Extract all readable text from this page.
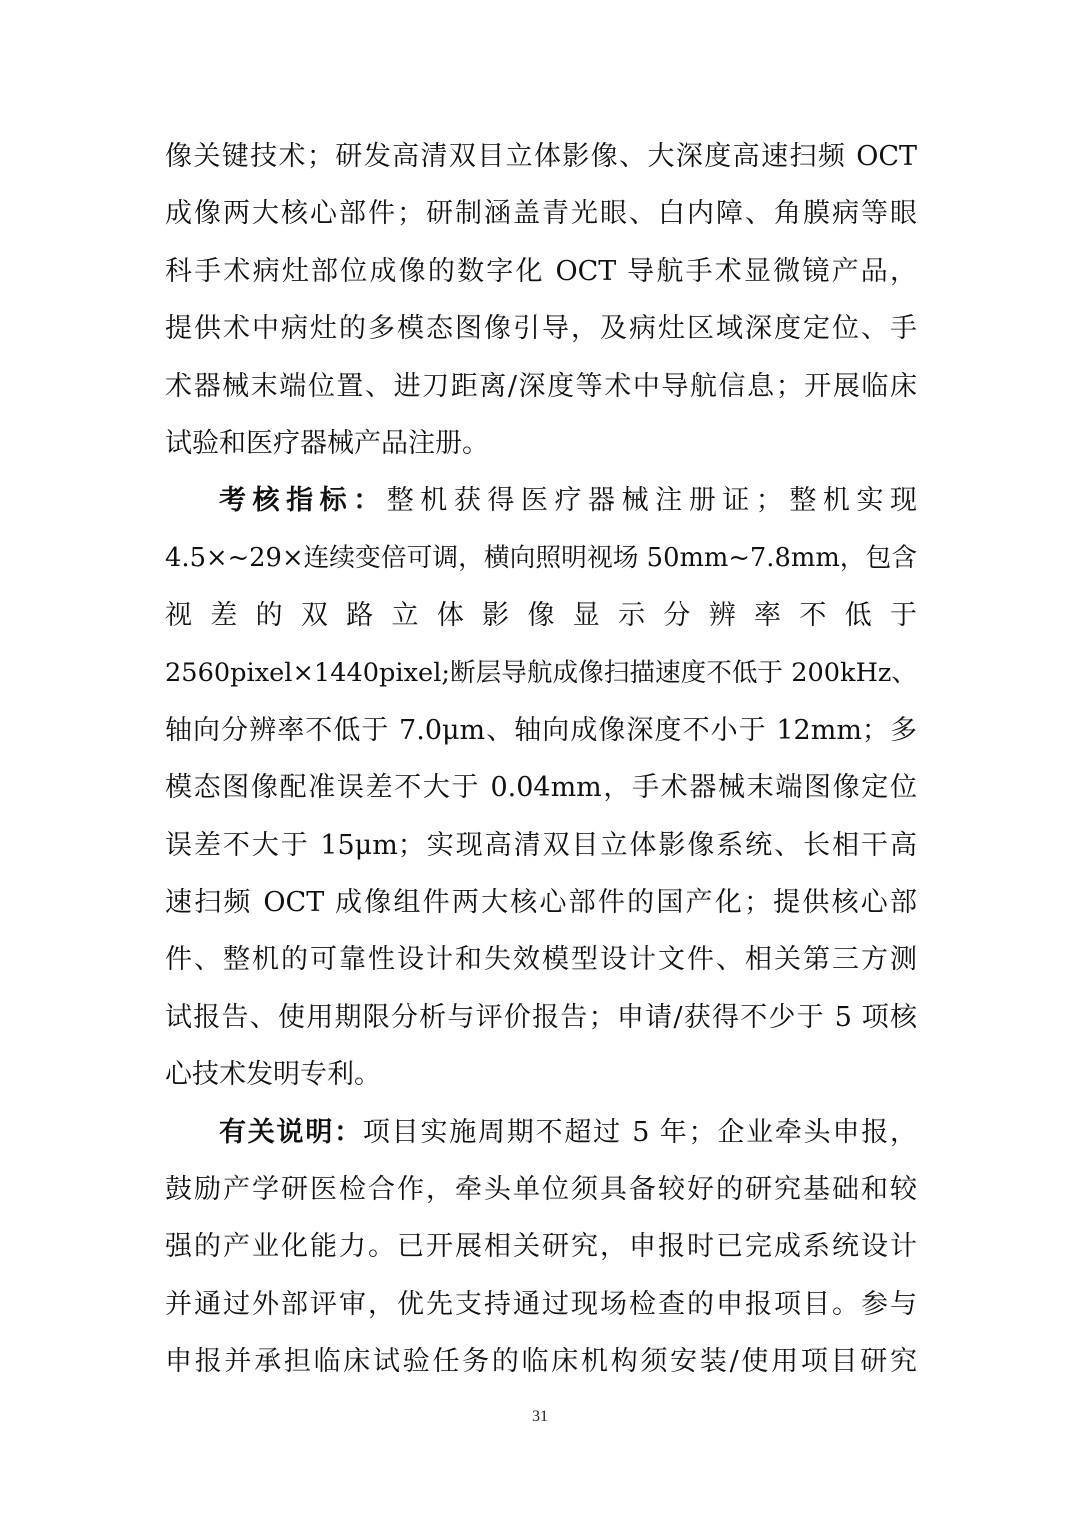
像关键技术；研发高清双目立体影像、大深度高速扫频 OCT
成像两大核心部件；研制涵盖青光眼、白内障、角膜病等眼
科手术病灶部位成像的数字化 OCT 导航手术显微镜产品，
提供术中病灶的多模态图像引导，及病灶区域深度定位、手
术器械末端位置、进刀距离/深度等术中导航信息；开展临床
试验和医疗器械产品注册。
考核指标：整机获得医疗器械注册证；整机实现
4.5×~29×连续变倍可调，横向照明视场 50mm~7.8mm，包含
视差的双路立体影像显示分辨率不低于
2560pixel×1440pixel;断层导航成像扫描速度不低于 200kHz、
轴向分辨率不低于 7.0μm、轴向成像深度不小于 12mm；多
模态图像配准误差不大于 0.04mm，手术器械末端图像定位
误差不大于 15μm；实现高清双目立体影像系统、长相干高
速扫频 OCT 成像组件两大核心部件的国产化；提供核心部
件、整机的可靠性设计和失效模型设计文件、相关第三方测
试报告、使用期限分析与评价报告；申请/获得不少于 5 项核
心技术发明专利。
有关说明：项目实施周期不超过 5 年；企业牵头申报，
鼓励产学研医检合作，牵头单位须具备较好的研究基础和较
强的产业化能力。已开展相关研究，申报时已完成系统设计
并通过外部评审，优先支持通过现场检查的申报项目。参与
申报并承担临床试验任务的临床机构须安装/使用项目研究
31
